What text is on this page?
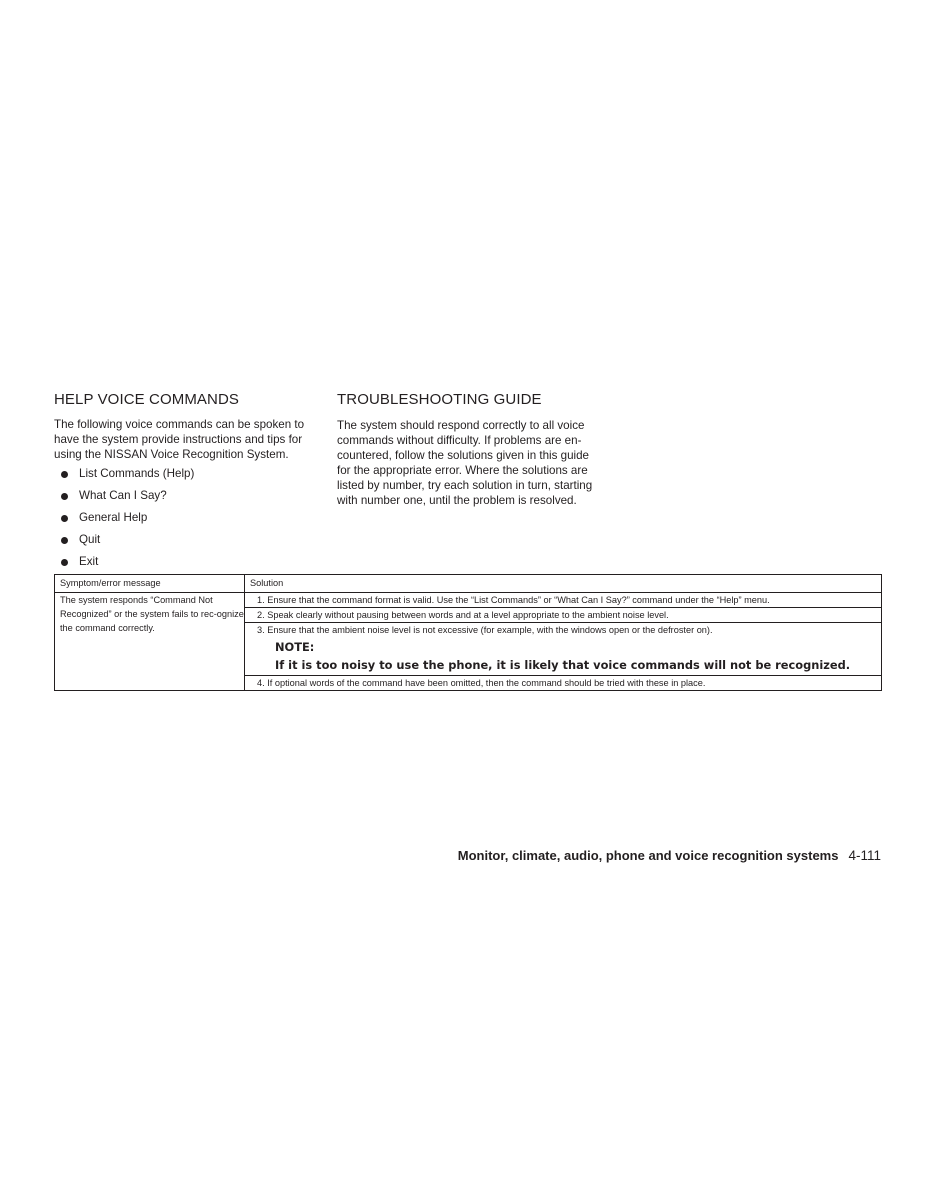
HELP VOICE COMMANDS

The following voice commands can be spoken to have the system provide instructions and tips for using the NISSAN Voice Recognition System.

List Commands (Help)
What Can I Say?
General Help
Quit
Exit
TROUBLESHOOTING GUIDE

The system should respond correctly to all voice commands without difficulty. If problems are en-countered, follow the solutions given in this guide for the appropriate error. Where the solutions are listed by number, try each solution in turn, starting with number one, until the problem is resolved.

Symptom/error message	Solution
The system responds “Command Not Recognized” or the system fails to rec-ognize the command correctly.	1. Ensure that the command format is valid. Use the “List Commands” or “What Can I Say?” command under the “Help” menu.
	2. Speak clearly without pausing between words and at a level appropriate to the ambient noise level.

	3. Ensure that the ambient noise level is not excessive (for example, with the windows open or the defroster on).
NOTE:
If it is too noisy to use the phone, it is likely that voice commands will not be recognized.

	4. If optional words of the command have been omitted, then the command should be tried with these in place.
Monitor, climate, audio, phone and voice recognition systems 4-111
